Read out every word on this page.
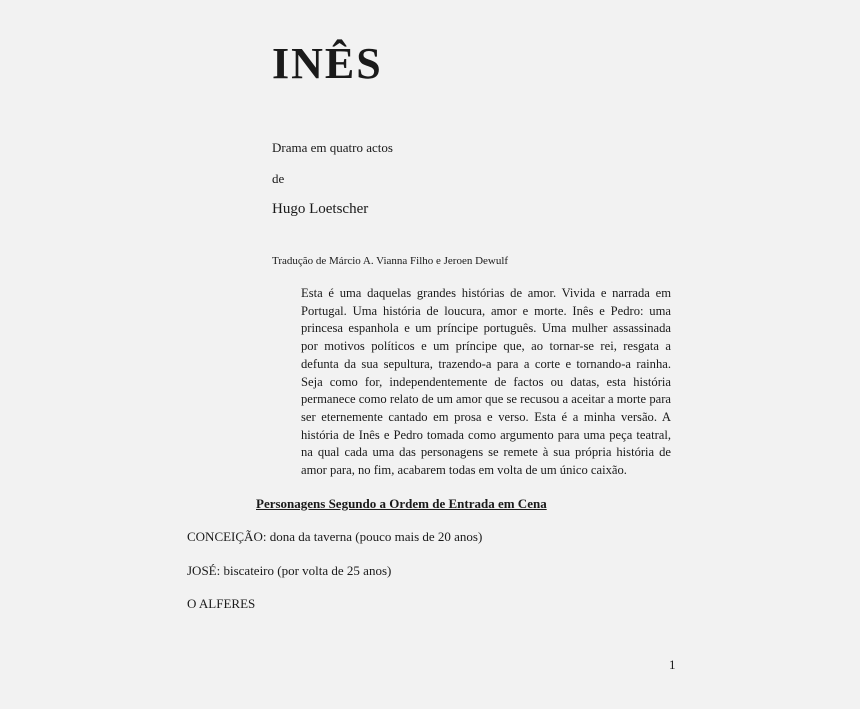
INÊS
Drama em quatro actos
de
Hugo Loetscher
Tradução de Márcio A. Vianna Filho e Jeroen Dewulf
Esta é uma daquelas grandes histórias de amor. Vivida e narrada em Portugal. Uma história de loucura, amor e morte. Inês e Pedro: uma princesa espanhola e um príncipe português. Uma mulher assassinada por motivos políticos e um príncipe que, ao tornar-se rei, resgata a defunta da sua sepultura, trazendo-a para a corte e tornando-a rainha. Seja como for, independentemente de factos ou datas, esta história permanece como relato de um amor que se recusou a aceitar a morte para ser eternemente cantado em prosa e verso. Esta é a minha versão. A história de Inês e Pedro tomada como argumento para uma peça teatral, na qual cada uma das personagens se remete à sua própria história de amor para, no fim, acabarem todas em volta de um único caixão.
Personagens Segundo a Ordem de Entrada em Cena
CONCEIÇÃO: dona da taverna (pouco mais de 20 anos)
JOSÉ: biscateiro (por volta de 25 anos)
O ALFERES
1
